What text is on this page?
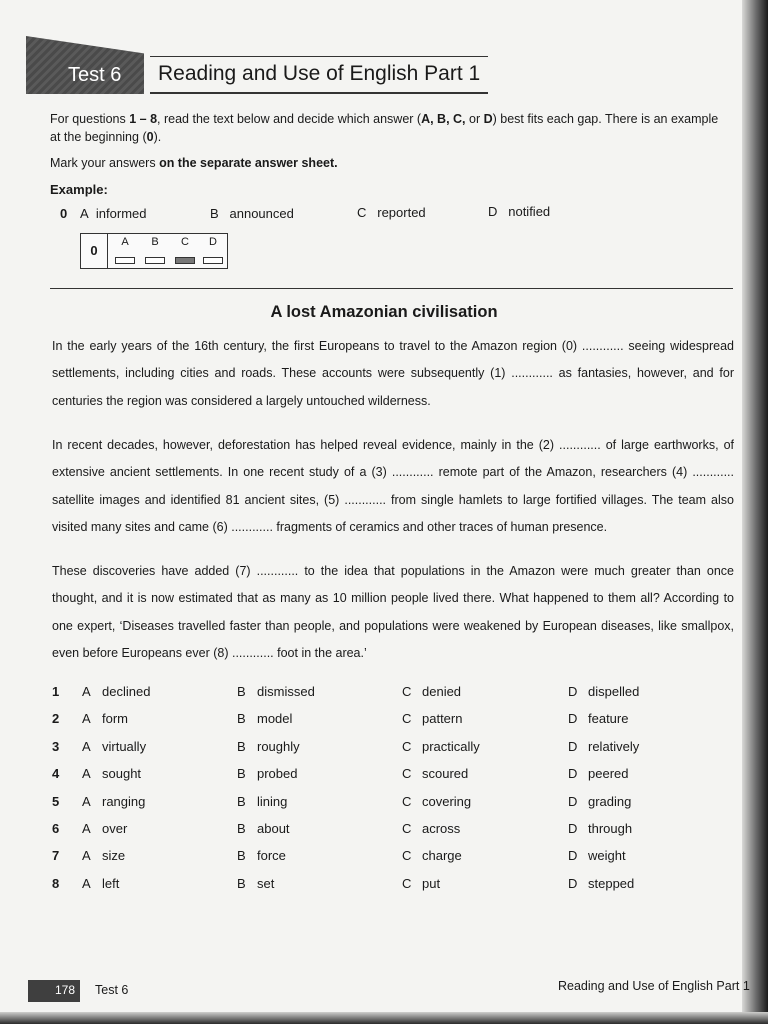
Test 6 Reading and Use of English Part 1
For questions 1 – 8, read the text below and decide which answer (A, B, C, or D) best fits each gap. There is an example
at the beginning (0).
Mark your answers on the separate answer sheet.
Example:
0 A informed	B announced	C reported	D notified
0
A	B	C	D
A lost Amazonian civilisation
In the early years of the 16th century, the first Europeans to travel to the Amazon region (0) ............ seeing widespread settlements, including cities and roads. These accounts were subsequently (1) ............ as fantasies, however, and for centuries the region was considered a largely untouched wilderness.
In recent decades, however, deforestation has helped reveal evidence, mainly in the (2) ............ of large earthworks, of extensive ancient settlements. In one recent study of a (3) ............ remote part of the Amazon, researchers (4) ............ satellite images and identified 81 ancient sites, (5) ............ from single hamlets to large fortified villages. The team also visited many sites and came (6) ............ fragments of ceramics and other traces of human presence.
These discoveries have added (7) ............ to the idea that populations in the Amazon were much greater than once thought, and it is now estimated that as many as 10 million people lived there. What happened to them all? According to one expert, ‘Diseases travelled faster than people, and populations were weakened by European diseases, like smallpox, even before Europeans ever (8) ............ foot in the area.’
1 A declined	B dismissed	C denied	D dispelled
2 A form	B model	C pattern	D feature
3 A virtually	B roughly	C practically	D relatively
4 A sought	B probed	C scoured	D peered
5 A ranging	B lining	C covering	D grading
6 A over	B about	C across	D through
7 A size	B force	C charge	D weight
8 A left	B set	C put	D stepped
178 Test 6	Reading and Use of English Part 1
